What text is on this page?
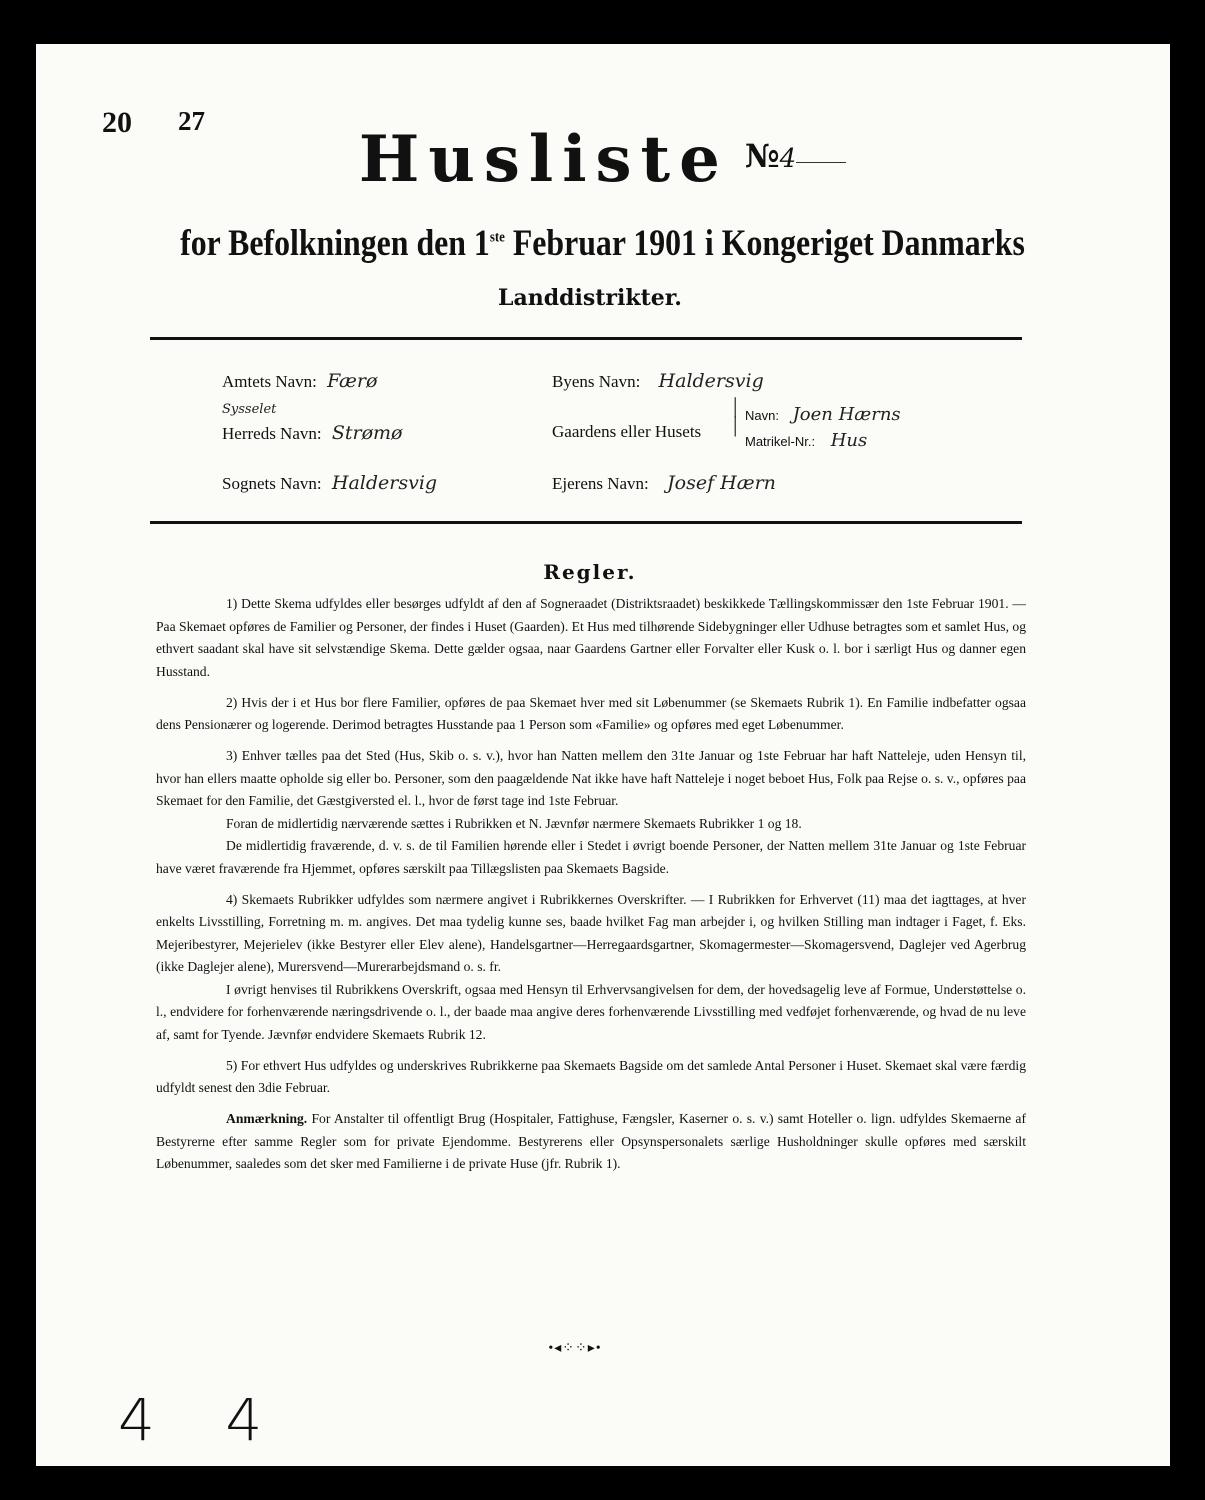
20 27
Husliste №4
for Befolkningen den 1ste Februar 1901 i Kongeriget Danmarks
Landdistrikter.
Amtets Navn: Færø
Sysselet
Herreds Navn: Strømø
Sognets Navn: Haldersvig
Byens Navn: Haldersvig
Gaardens eller Husets
|
| Navn: Joen Hærns
Matrikel-Nr.: Hus
Ejerens Navn: Josef Hærn
Regler.

1) Dette Skema udfyldes eller besørges udfyldt af den af Sogneraadet (Distriktsraadet) beskikkede Tællingskommissær den 1ste Februar 1901. — Paa Skemaet opføres de Familier og Personer, der findes i Huset (Gaarden). Et Hus med tilhørende Sidebygninger eller Udhuse betragtes som et samlet Hus, og ethvert saadant skal have sit selvstændige Skema. Dette gælder ogsaa, naar Gaardens Gartner eller Forvalter eller Kusk o. l. bor i særligt Hus og danner egen Husstand.

2) Hvis der i et Hus bor flere Familier, opføres de paa Skemaet hver med sit Løbenummer (se Skemaets Rubrik 1). En Familie indbefatter ogsaa dens Pensionærer og logerende. Derimod betragtes Husstande paa 1 Person som «Familie» og opføres med eget Løbenummer.

3) Enhver tælles paa det Sted (Hus, Skib o. s. v.), hvor han Natten mellem den 31te Januar og 1ste Februar har haft Natteleje, uden Hensyn til, hvor han ellers maatte opholde sig eller bo. Personer, som den paagældende Nat ikke have haft Natteleje i noget beboet Hus, Folk paa Rejse o. s. v., opføres paa Skemaet for den Familie, det Gæstgiversted el. l., hvor de først tage ind 1ste Februar.

Foran de midlertidig nærværende sættes i Rubrikken et N. Jævnfør nærmere Skemaets Rubrikker 1 og 18.

De midlertidig fraværende, d. v. s. de til Familien hørende eller i Stedet i øvrigt boende Personer, der Natten mellem 31te Januar og 1ste Februar have været fraværende fra Hjemmet, opføres særskilt paa Tillægslisten paa Skemaets Bagside.

4) Skemaets Rubrikker udfyldes som nærmere angivet i Rubrikkernes Overskrifter. — I Rubrikken for Erhvervet (11) maa det iagttages, at hver enkelts Livsstilling, Forretning m. m. angives. Det maa tydelig kunne ses, baade hvilket Fag man arbejder i, og hvilken Stilling man indtager i Faget, f. Eks. Mejeribestyrer, Mejerielev (ikke Bestyrer eller Elev alene), Handelsgartner—Herregaardsgartner, Skomagermester—Skomagersvend, Daglejer ved Agerbrug (ikke Daglejer alene), Murersvend—Murerarbejdsmand o. s. fr.

I øvrigt henvises til Rubrikkens Overskrift, ogsaa med Hensyn til Erhvervsangivelsen for dem, der hovedsagelig leve af Formue, Understøttelse o. l., endvidere for forhenværende næringsdrivende o. l., der baade maa angive deres forhenværende Livsstilling med vedføjet forhenværende, og hvad de nu leve af, samt for Tyende. Jævnfør endvidere Skemaets Rubrik 12.

5) For ethvert Hus udfyldes og underskrives Rubrikkerne paa Skemaets Bagside om det samlede Antal Personer i Huset. Skemaet skal være færdig udfyldt senest den 3die Februar.

Anmærkning. For Anstalter til offentligt Brug (Hospitaler, Fattighuse, Fængsler, Kaserner o. s. v.) samt Hoteller o. lign. udfyldes Skemaerne af Bestyrerne efter samme Regler som for private Ejendomme. Bestyrerens eller Opsynspersonalets særlige Husholdninger skulle opføres med særskilt Løbenummer, saaledes som det sker med Familierne i de private Huse (jfr. Rubrik 1).

•◂⁘⁘▸•
4 4
